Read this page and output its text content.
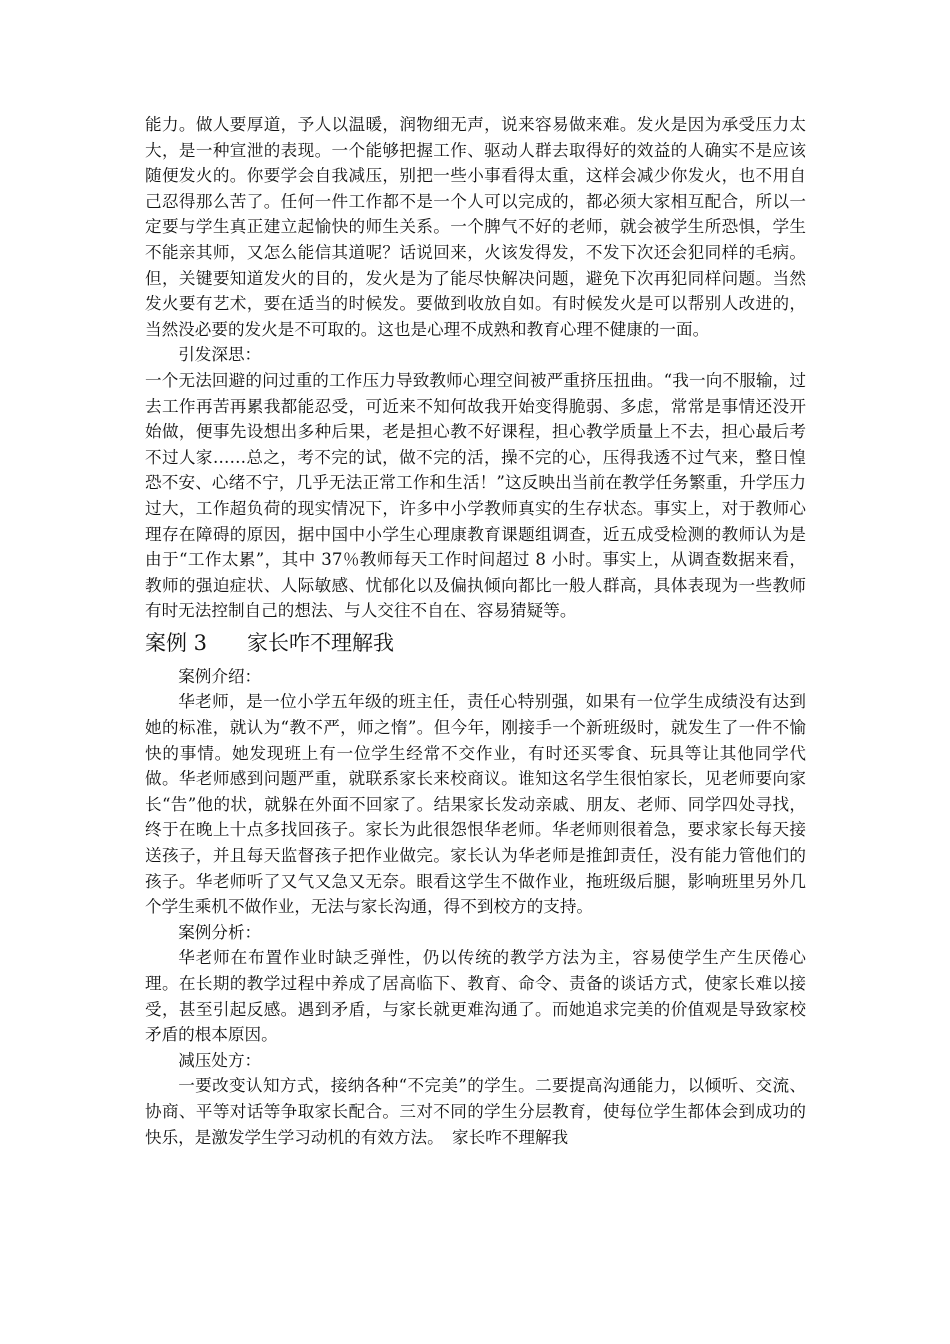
能力。做人要厚道，予人以温暖，润物细无声，说来容易做来难。发火是因为承受压力太大，是一种宣泄的表现。一个能够把握工作、驱动人群去取得好的效益的人确实不是应该随便发火的。你要学会自我减压，别把一些小事看得太重，这样会减少你发火，也不用自己忍得那么苦了。任何一件工作都不是一个人可以完成的，都必须大家相互配合，所以一定要与学生真正建立起愉快的师生关系。一个脾气不好的老师，就会被学生所恐惧，学生不能亲其师，又怎么能信其道呢？话说回来，火该发得发，不发下次还会犯同样的毛病。但，关键要知道发火的目的，发火是为了能尽快解决问题，避免下次再犯同样问题。当然发火要有艺术，要在适当的时候发。要做到收放自如。有时候发火是可以帮别人改进的，当然没必要的发火是不可取的。这也是心理不成熟和教育心理不健康的一面。

引发深思：

一个无法回避的问过重的工作压力导致教师心理空间被严重挤压扭曲。“我一向不服输，过去工作再苦再累我都能忍受，可近来不知何故我开始变得脆弱、多虑，常常是事情还没开始做，便事先设想出多种后果，老是担心教不好课程，担心教学质量上不去，担心最后考不过人家……总之，考不完的试，做不完的活，操不完的心，压得我透不过气来，整日惶恐不安、心绪不宁，几乎无法正常工作和生活！”这反映出当前在教学任务繁重，升学压力过大，工作超负荷的现实情况下，许多中小学教师真实的生存状态。事实上，对于教师心理存在障碍的原因，据中国中小学生心理康教育课题组调查，近五成受检测的教师认为是由于“工作太累”，其中 37％教师每天工作时间超过 8 小时。事实上，从调查数据来看，教师的强迫症状、人际敏感、忧郁化以及偏执倾向都比一般人群高，具体表现为一些教师有时无法控制自己的想法、与人交往不自在、容易猜疑等。

案例 3 家长咋不理解我

案例介绍：

华老师，是一位小学五年级的班主任，责任心特别强，如果有一位学生成绩没有达到她的标准，就认为“教不严，师之惰”。但今年，刚接手一个新班级时，就发生了一件不愉快的事情。她发现班上有一位学生经常不交作业，有时还买零食、玩具等让其他同学代做。华老师感到问题严重，就联系家长来校商议。谁知这名学生很怕家长，见老师要向家长“告”他的状，就躲在外面不回家了。结果家长发动亲戚、朋友、老师、同学四处寻找，终于在晚上十点多找回孩子。家长为此很怨恨华老师。华老师则很着急，要求家长每天接送孩子，并且每天监督孩子把作业做完。家长认为华老师是推卸责任，没有能力管他们的孩子。华老师听了又气又急又无奈。眼看这学生不做作业，拖班级后腿，影响班里另外几个学生乘机不做作业，无法与家长沟通，得不到校方的支持。

案例分析：

华老师在布置作业时缺乏弹性，仍以传统的教学方法为主，容易使学生产生厌倦心理。在长期的教学过程中养成了居高临下、教育、命令、责备的谈话方式，使家长难以接受，甚至引起反感。遇到矛盾，与家长就更难沟通了。而她追求完美的价值观是导致家校矛盾的根本原因。

减压处方：

一要改变认知方式，接纳各种“不完美”的学生。二要提高沟通能力，以倾听、交流、协商、平等对话等争取家长配合。三对不同的学生分层教育，使每位学生都体会到成功的快乐，是激发学生学习动机的有效方法。　家长咋不理解我
